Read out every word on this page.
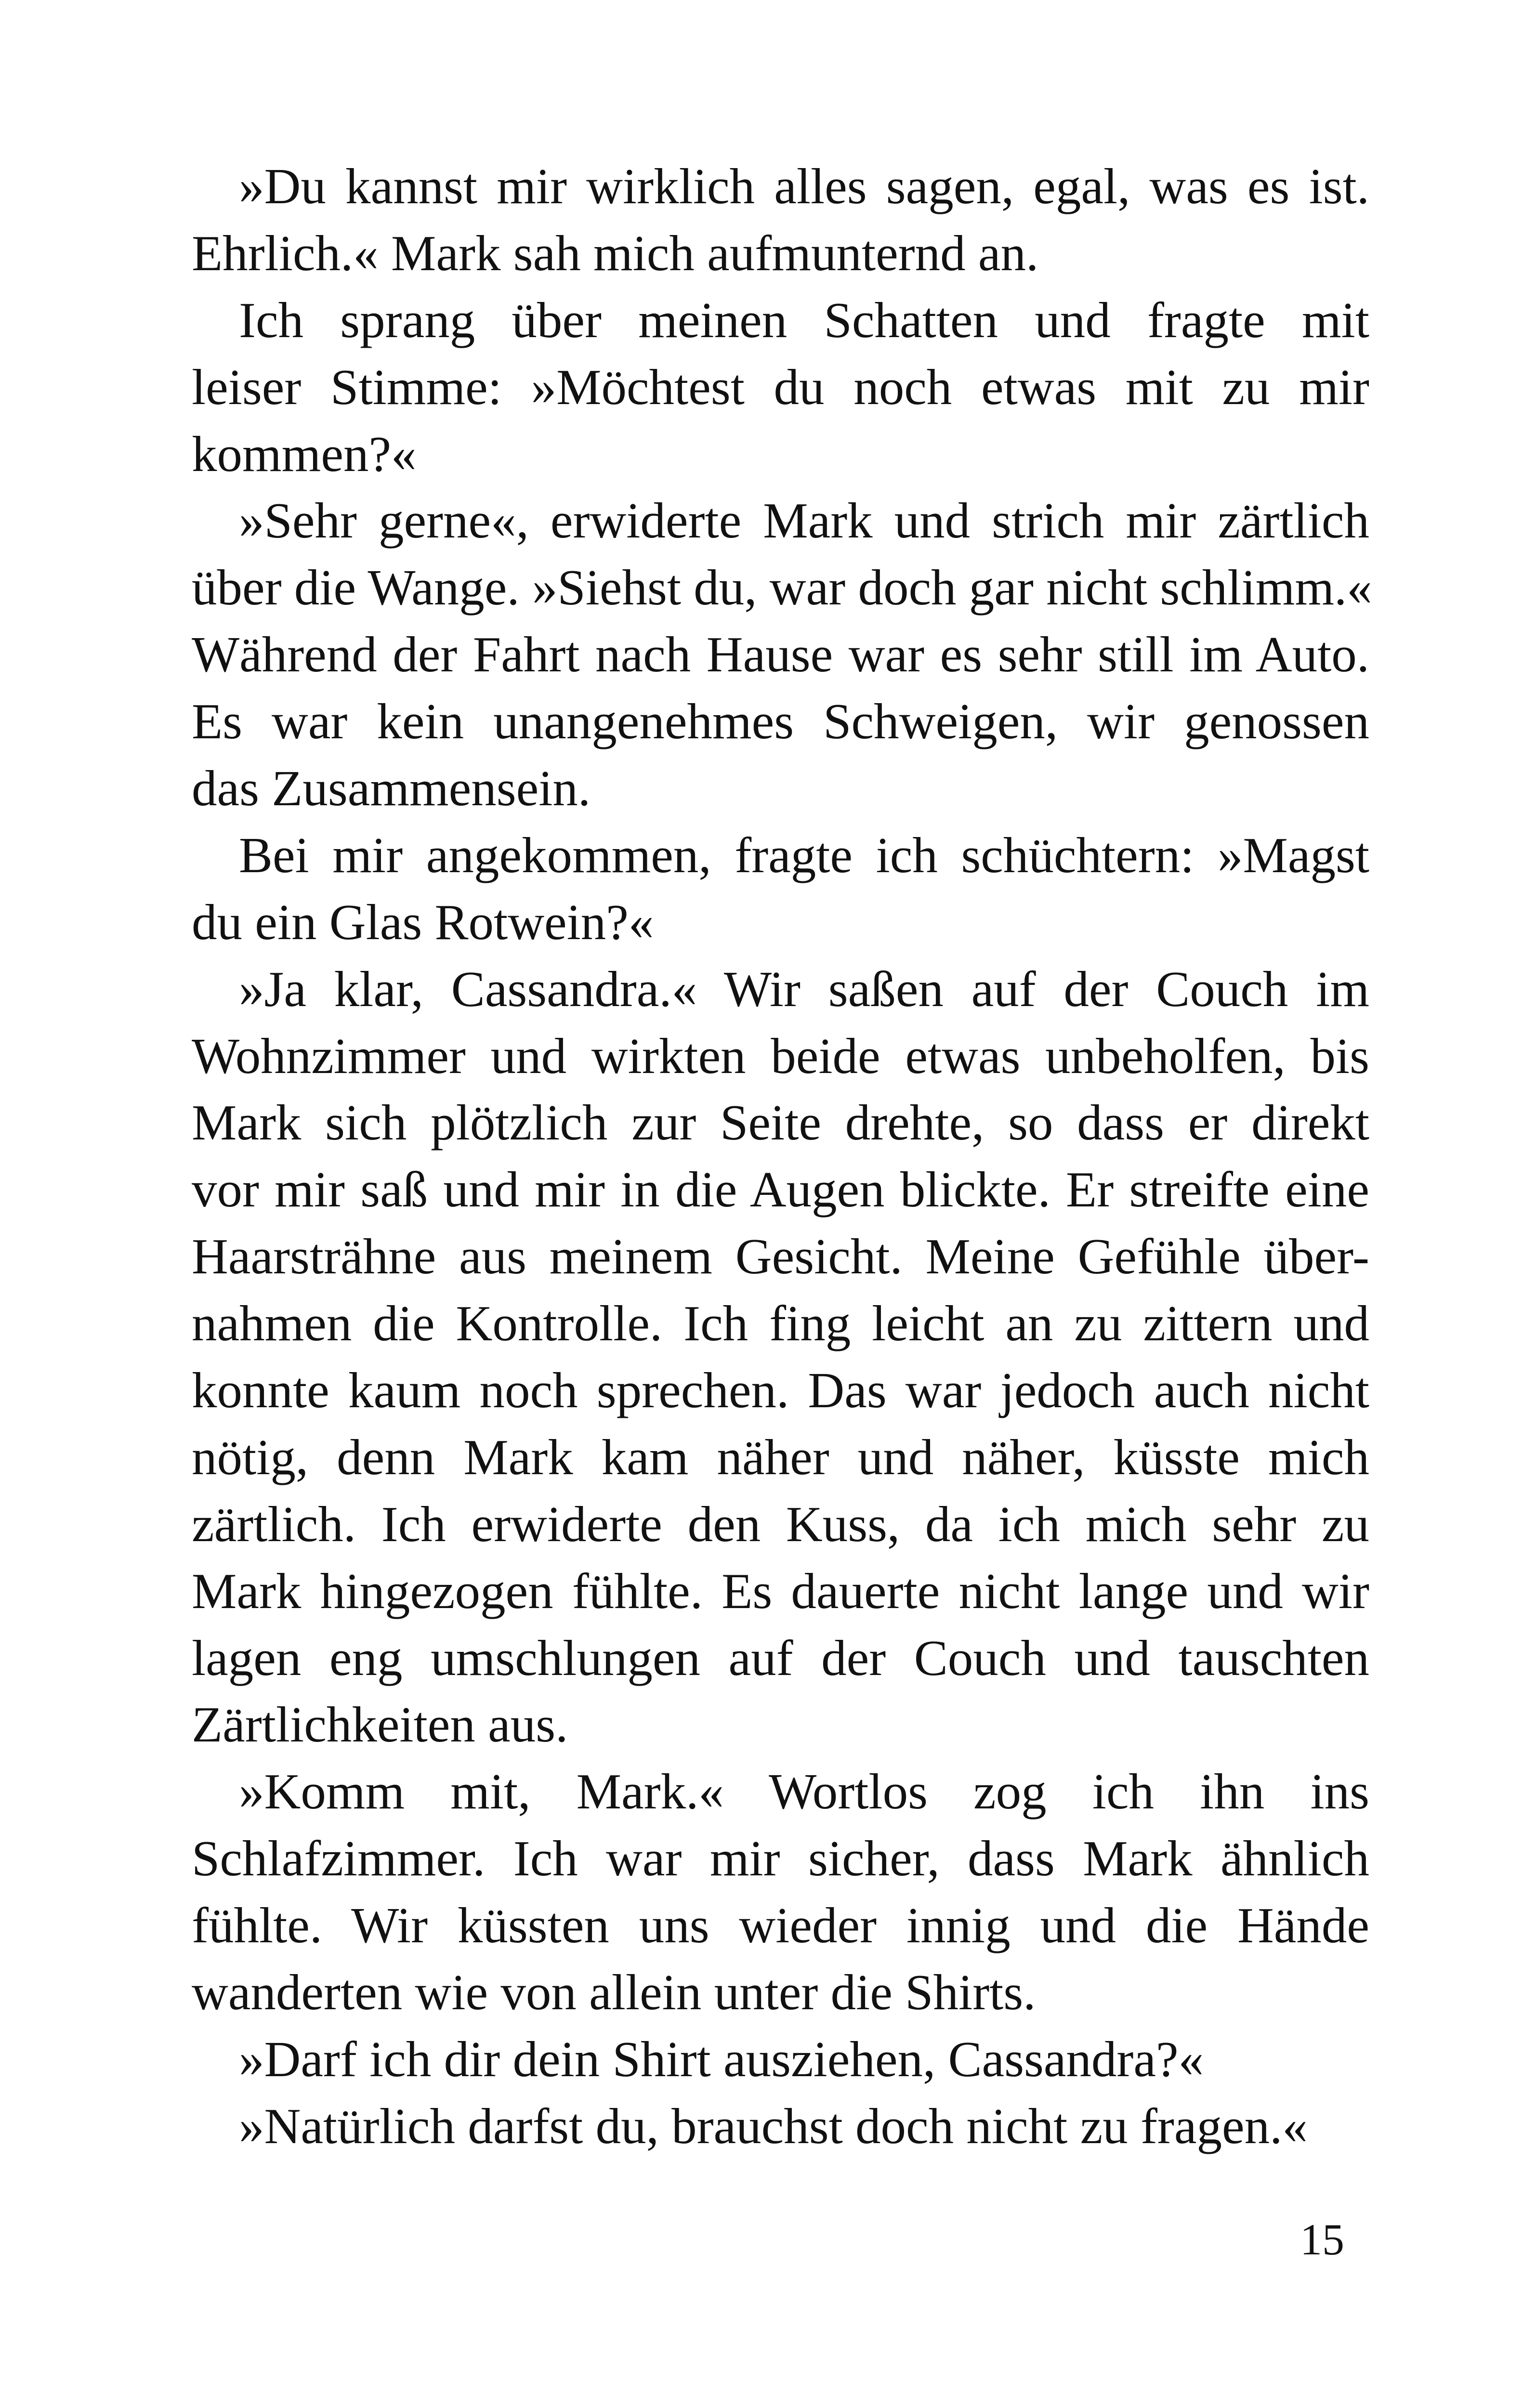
»Du kannst mir wirklich alles sagen, egal, was es ist.
Ehrlich.« Mark sah mich aufmunternd an.
Ich sprang über meinen Schatten und fragte mit
leiser Stimme: »Möchtest du noch etwas mit zu mir
kommen?«
»Sehr gerne«, erwiderte Mark und strich mir zärtlich
über die Wange. »Siehst du, war doch gar nicht schlimm.«
Während der Fahrt nach Hause war es sehr still im Auto.
Es war kein unangenehmes Schweigen, wir genossen
das Zusammensein.
Bei mir angekommen, fragte ich schüchtern: »Magst
du ein Glas Rotwein?«
»Ja klar, Cassandra.« Wir saßen auf der Couch im
Wohnzimmer und wirkten beide etwas unbeholfen, bis
Mark sich plötzlich zur Seite drehte, so dass er direkt
vor mir saß und mir in die Augen blickte. Er streifte eine
Haarsträhne aus meinem Gesicht. Meine Gefühle über-
nahmen die Kontrolle. Ich fing leicht an zu zittern und
konnte kaum noch sprechen. Das war jedoch auch nicht
nötig, denn Mark kam näher und näher, küsste mich
zärtlich. Ich erwiderte den Kuss, da ich mich sehr zu
Mark hingezogen fühlte. Es dauerte nicht lange und wir
lagen eng umschlungen auf der Couch und tauschten
Zärtlichkeiten aus.
»Komm mit, Mark.« Wortlos zog ich ihn ins
Schlafzimmer. Ich war mir sicher, dass Mark ähnlich
fühlte. Wir küssten uns wieder innig und die Hände
wanderten wie von allein unter die Shirts.
»Darf ich dir dein Shirt ausziehen, Cassandra?«
»Natürlich darfst du, brauchst doch nicht zu fragen.«
15
